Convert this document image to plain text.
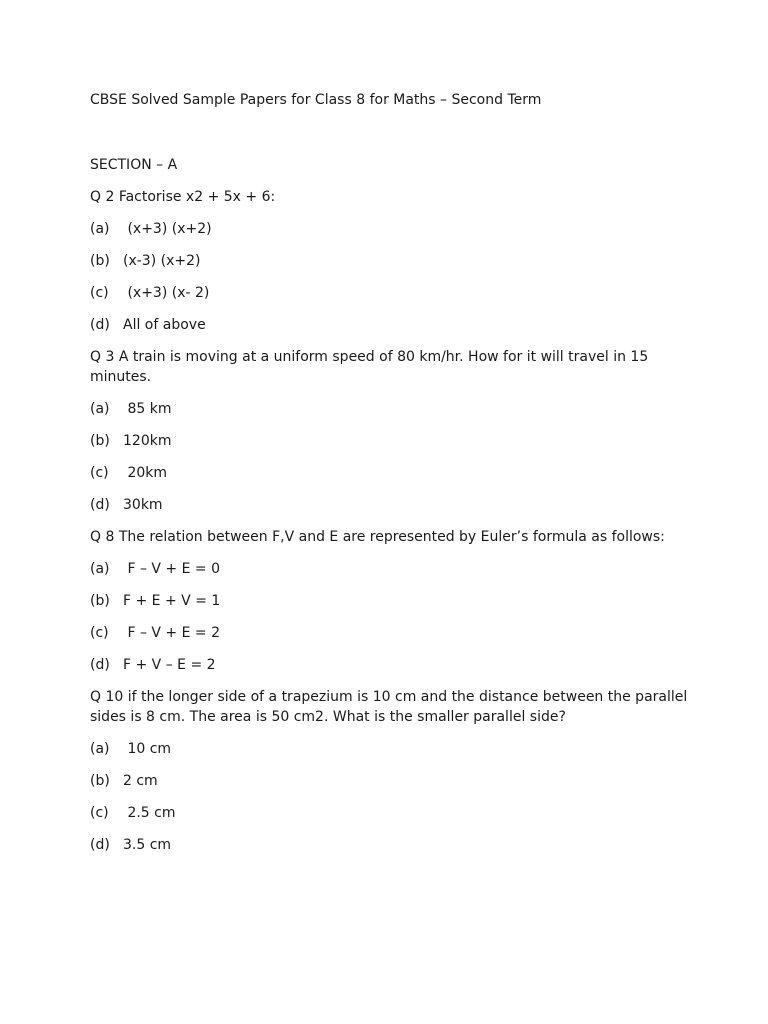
CBSE Solved Sample Papers for Class 8 for Maths – Second Term

SECTION – A
Q 2 Factorise x2 + 5x + 6:
(a) (x+3) (x+2)
(b) (x-3) (x+2)
(c) (x+3) (x- 2)
(d) All of above
Q 3 A train is moving at a uniform speed of 80 km/hr. How for it will travel in 15 minutes.
(a) 85 km
(b) 120km
(c) 20km
(d) 30km
Q 8 The relation between F,V and E are represented by Euler’s formula as follows:
(a) F – V + E = 0
(b) F + E + V = 1
(c) F – V + E = 2
(d) F + V – E = 2
Q 10 if the longer side of a trapezium is 10 cm and the distance between the parallel sides is 8 cm. The area is 50 cm2. What is the smaller parallel side?
(a) 10 cm
(b) 2 cm
(c) 2.5 cm
(d) 3.5 cm
